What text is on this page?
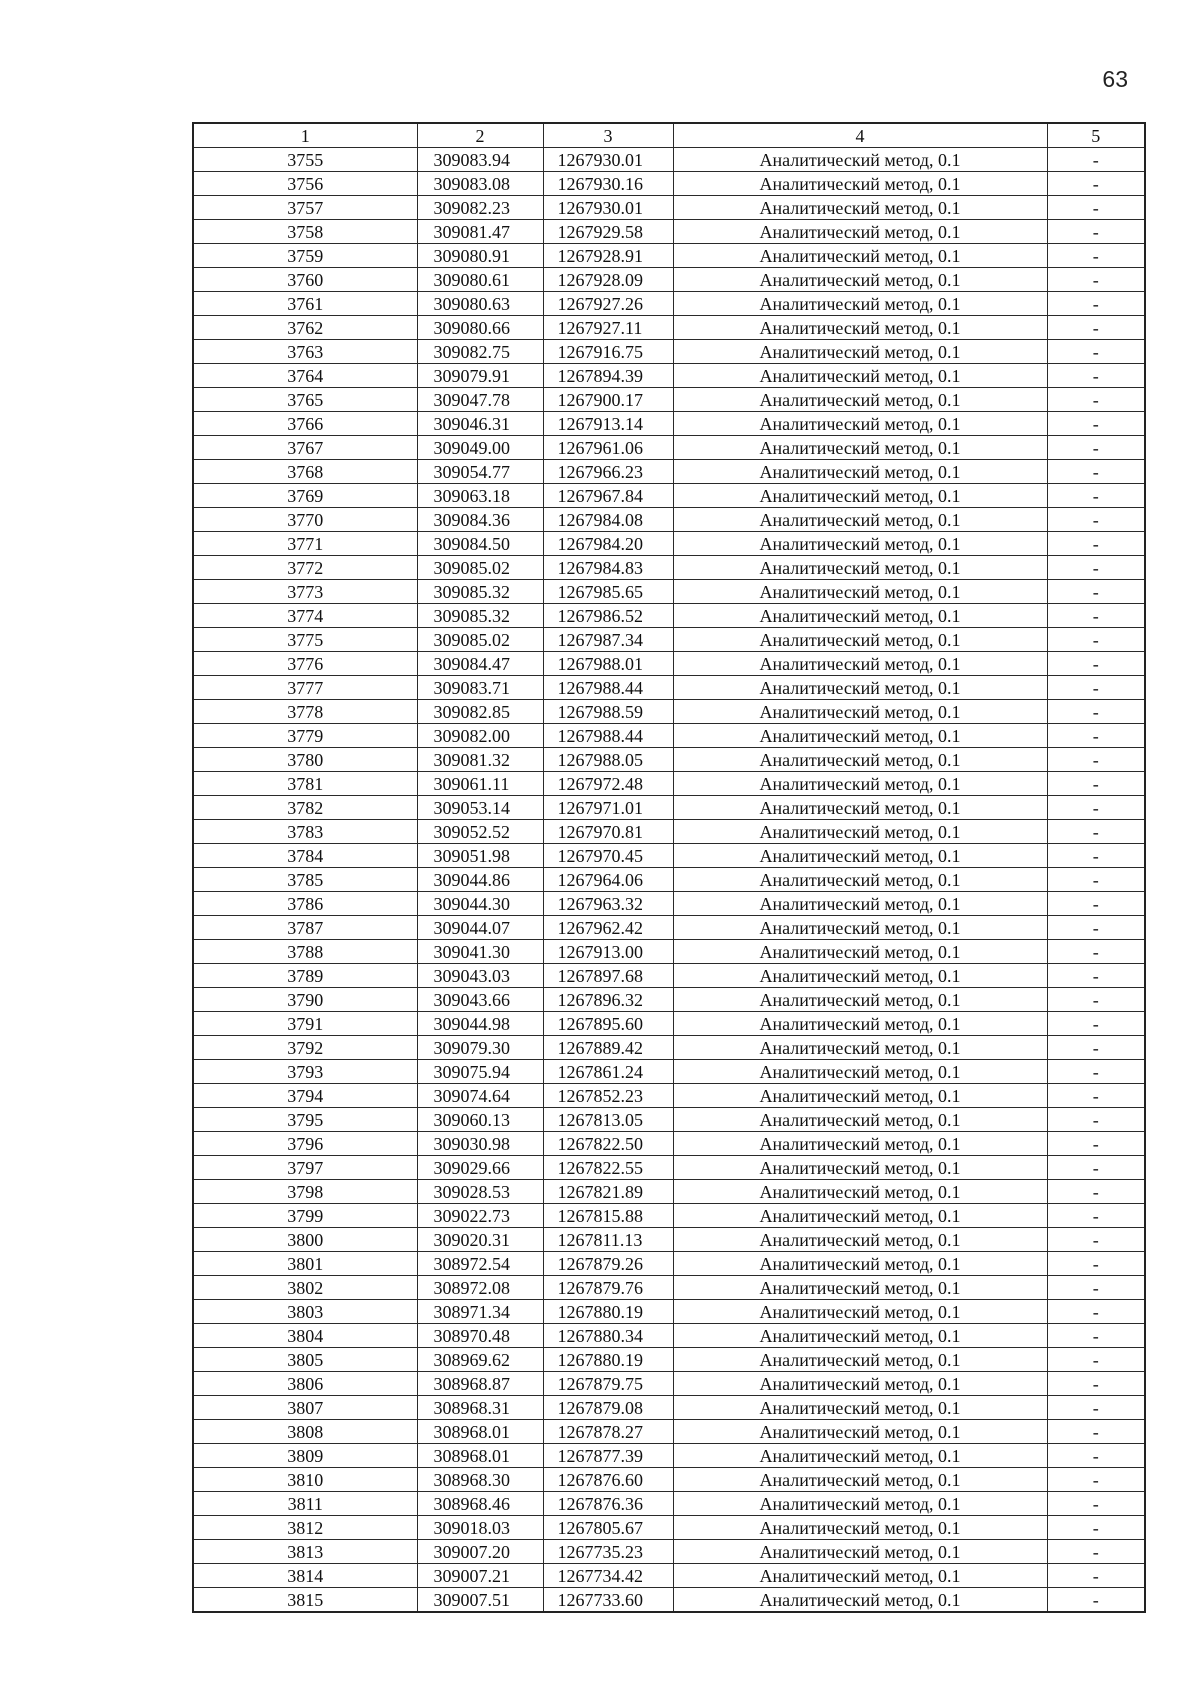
63
1	2	3	4	5
3755	309083.94	1267930.01	Аналитический метод, 0.1	-
3756	309083.08	1267930.16	Аналитический метод, 0.1	-
3757	309082.23	1267930.01	Аналитический метод, 0.1	-
3758	309081.47	1267929.58	Аналитический метод, 0.1	-
3759	309080.91	1267928.91	Аналитический метод, 0.1	-
3760	309080.61	1267928.09	Аналитический метод, 0.1	-
3761	309080.63	1267927.26	Аналитический метод, 0.1	-
3762	309080.66	1267927.11	Аналитический метод, 0.1	-
3763	309082.75	1267916.75	Аналитический метод, 0.1	-
3764	309079.91	1267894.39	Аналитический метод, 0.1	-
3765	309047.78	1267900.17	Аналитический метод, 0.1	-
3766	309046.31	1267913.14	Аналитический метод, 0.1	-
3767	309049.00	1267961.06	Аналитический метод, 0.1	-
3768	309054.77	1267966.23	Аналитический метод, 0.1	-
3769	309063.18	1267967.84	Аналитический метод, 0.1	-
3770	309084.36	1267984.08	Аналитический метод, 0.1	-
3771	309084.50	1267984.20	Аналитический метод, 0.1	-
3772	309085.02	1267984.83	Аналитический метод, 0.1	-
3773	309085.32	1267985.65	Аналитический метод, 0.1	-
3774	309085.32	1267986.52	Аналитический метод, 0.1	-
3775	309085.02	1267987.34	Аналитический метод, 0.1	-
3776	309084.47	1267988.01	Аналитический метод, 0.1	-
3777	309083.71	1267988.44	Аналитический метод, 0.1	-
3778	309082.85	1267988.59	Аналитический метод, 0.1	-
3779	309082.00	1267988.44	Аналитический метод, 0.1	-
3780	309081.32	1267988.05	Аналитический метод, 0.1	-
3781	309061.11	1267972.48	Аналитический метод, 0.1	-
3782	309053.14	1267971.01	Аналитический метод, 0.1	-
3783	309052.52	1267970.81	Аналитический метод, 0.1	-
3784	309051.98	1267970.45	Аналитический метод, 0.1	-
3785	309044.86	1267964.06	Аналитический метод, 0.1	-
3786	309044.30	1267963.32	Аналитический метод, 0.1	-
3787	309044.07	1267962.42	Аналитический метод, 0.1	-
3788	309041.30	1267913.00	Аналитический метод, 0.1	-
3789	309043.03	1267897.68	Аналитический метод, 0.1	-
3790	309043.66	1267896.32	Аналитический метод, 0.1	-
3791	309044.98	1267895.60	Аналитический метод, 0.1	-
3792	309079.30	1267889.42	Аналитический метод, 0.1	-
3793	309075.94	1267861.24	Аналитический метод, 0.1	-
3794	309074.64	1267852.23	Аналитический метод, 0.1	-
3795	309060.13	1267813.05	Аналитический метод, 0.1	-
3796	309030.98	1267822.50	Аналитический метод, 0.1	-
3797	309029.66	1267822.55	Аналитический метод, 0.1	-
3798	309028.53	1267821.89	Аналитический метод, 0.1	-
3799	309022.73	1267815.88	Аналитический метод, 0.1	-
3800	309020.31	1267811.13	Аналитический метод, 0.1	-
3801	308972.54	1267879.26	Аналитический метод, 0.1	-
3802	308972.08	1267879.76	Аналитический метод, 0.1	-
3803	308971.34	1267880.19	Аналитический метод, 0.1	-
3804	308970.48	1267880.34	Аналитический метод, 0.1	-
3805	308969.62	1267880.19	Аналитический метод, 0.1	-
3806	308968.87	1267879.75	Аналитический метод, 0.1	-
3807	308968.31	1267879.08	Аналитический метод, 0.1	-
3808	308968.01	1267878.27	Аналитический метод, 0.1	-
3809	308968.01	1267877.39	Аналитический метод, 0.1	-
3810	308968.30	1267876.60	Аналитический метод, 0.1	-
3811	308968.46	1267876.36	Аналитический метод, 0.1	-
3812	309018.03	1267805.67	Аналитический метод, 0.1	-
3813	309007.20	1267735.23	Аналитический метод, 0.1	-
3814	309007.21	1267734.42	Аналитический метод, 0.1	-
3815	309007.51	1267733.60	Аналитический метод, 0.1	-
